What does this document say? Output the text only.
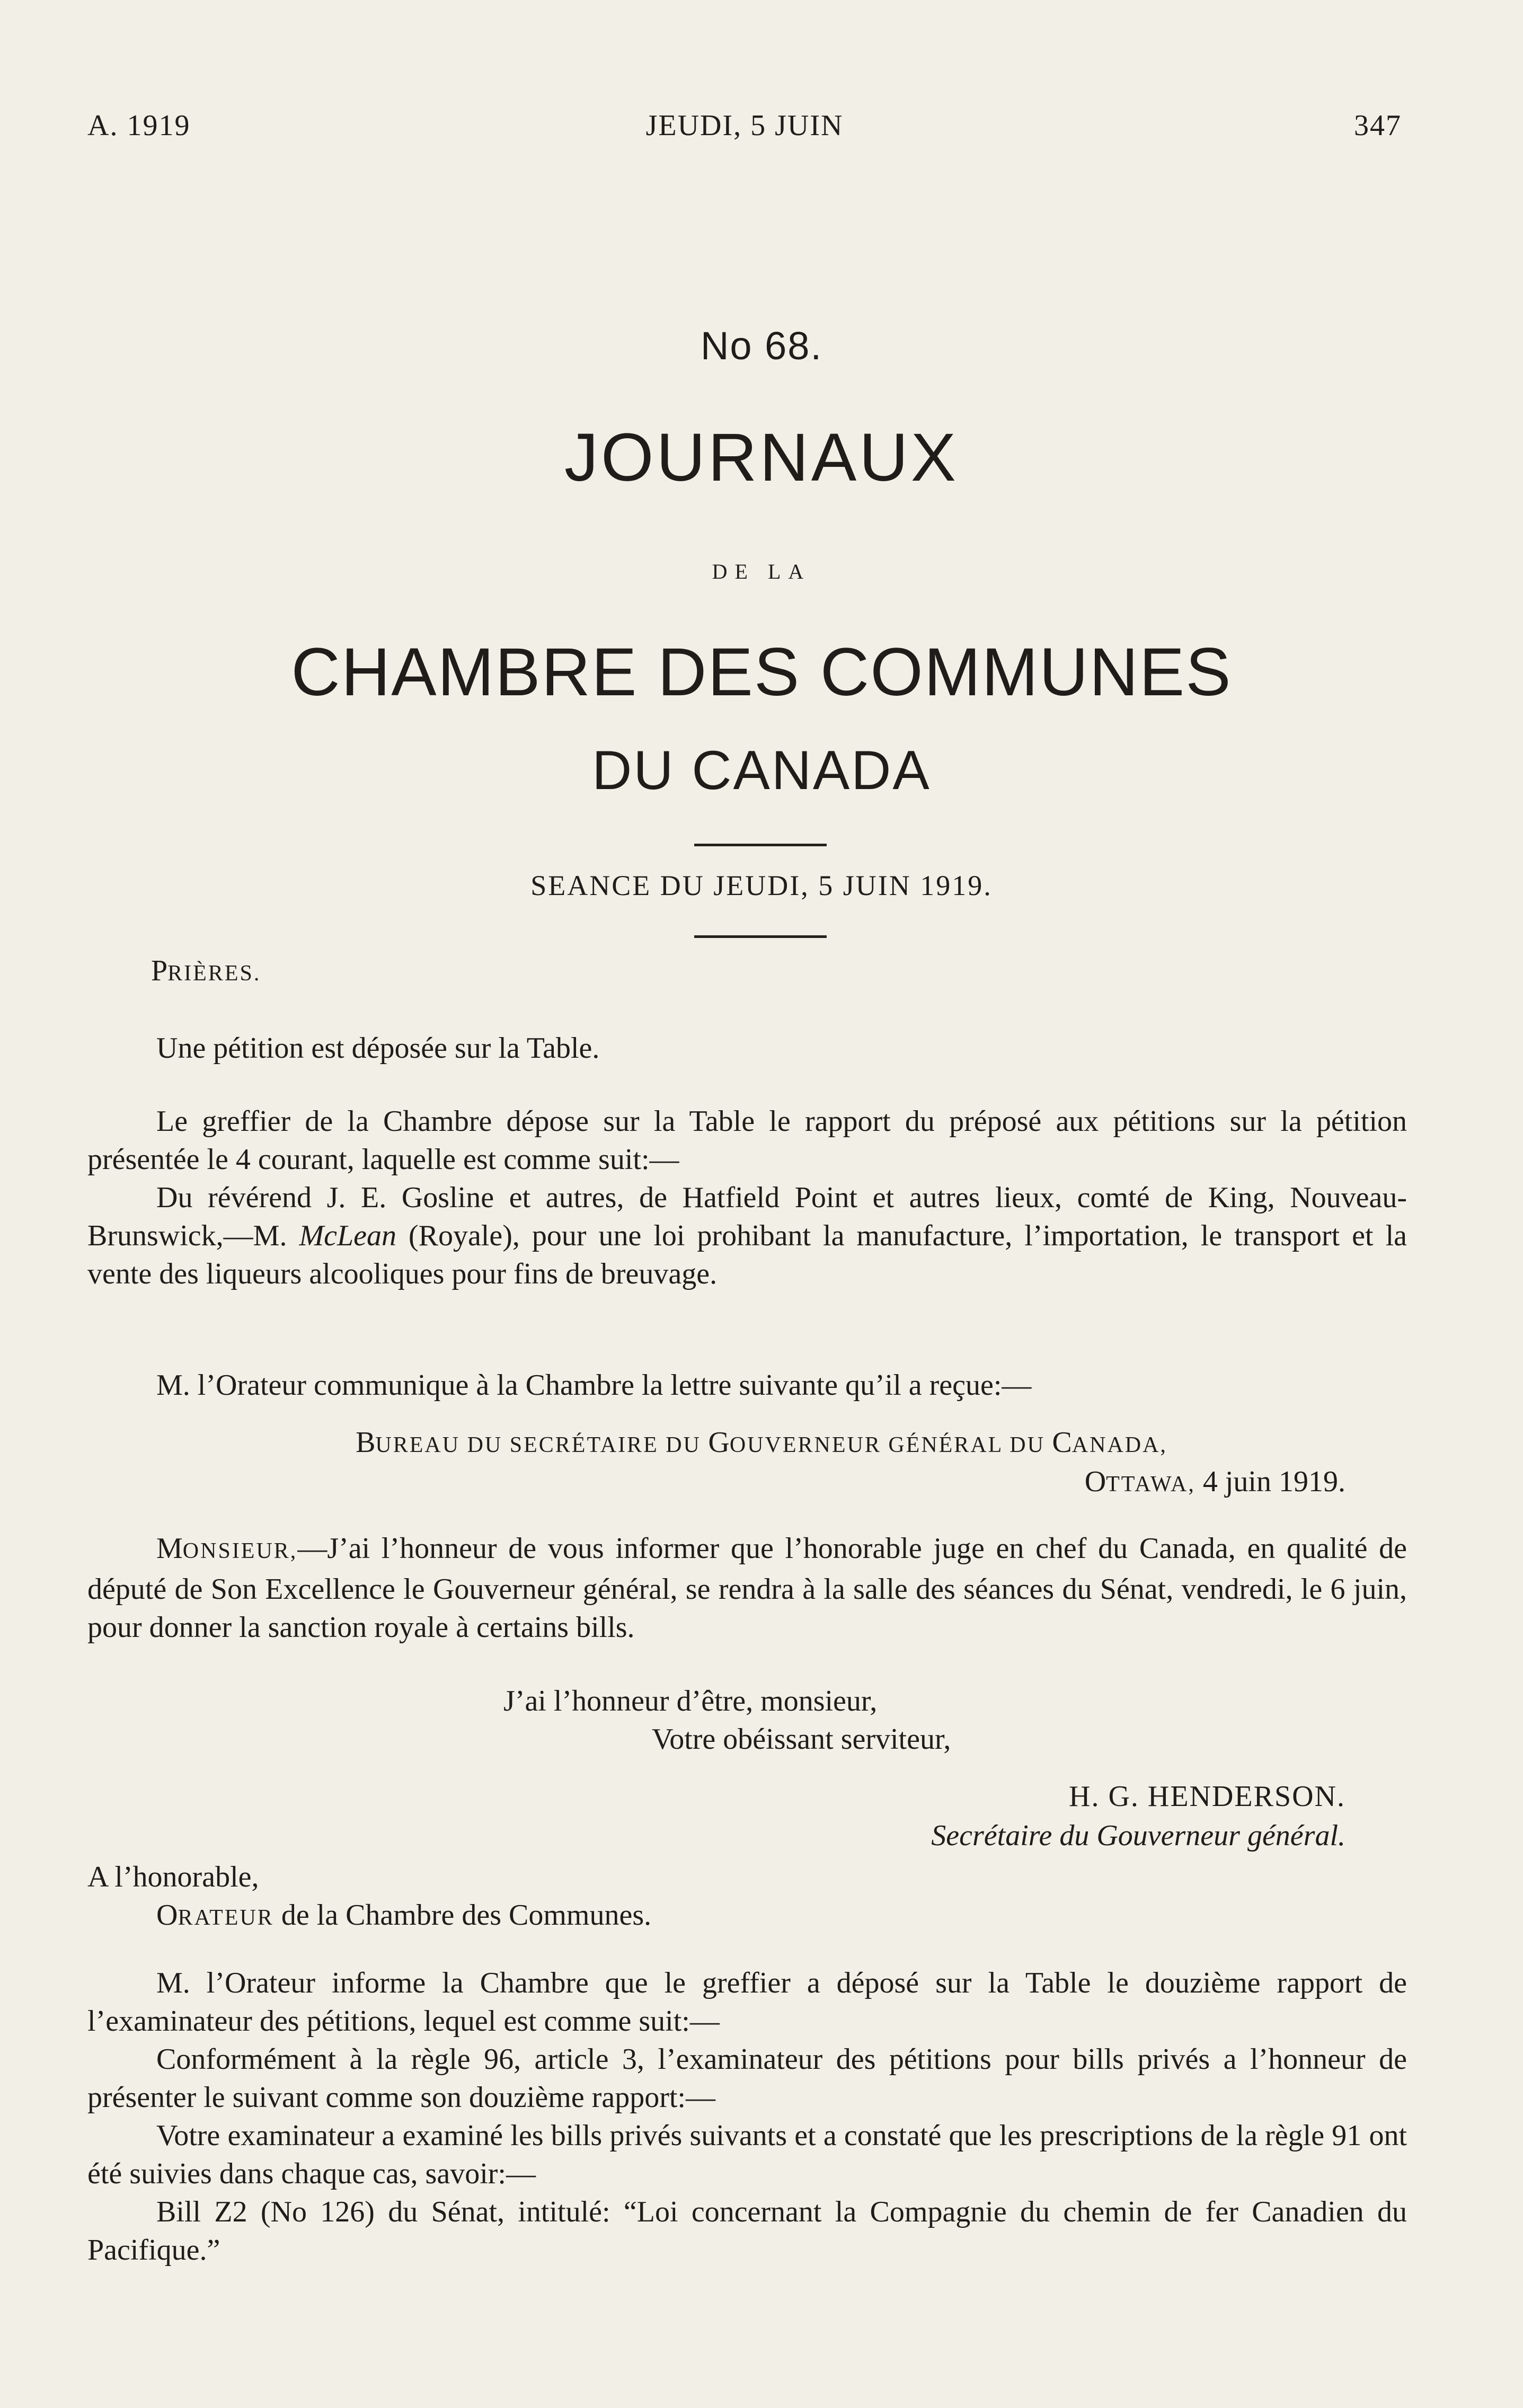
A. 1919	JEUDI, 5 JUIN	347
No 68.
JOURNAUX
DE LA
CHAMBRE DES COMMUNES
DU CANADA
SEANCE DU JEUDI, 5 JUIN 1919.
PRIÈRES.

Une pétition est déposée sur la Table.

Le greffier de la Chambre dépose sur la Table le rapport du préposé aux pétitions sur la pétition présentée le 4 courant, laquelle est comme suit:—

Du révérend J. E. Gosline et autres, de Hatfield Point et autres lieux, comté de King, Nouveau-Brunswick,—M. McLean (Royale), pour une loi prohibant la manufacture, l’importation, le transport et la vente des liqueurs alcooliques pour fins de breuvage.

M. l’Orateur communique à la Chambre la lettre suivante qu’il a reçue:—

BUREAU DU SECRÉTAIRE DU GOUVERNEUR GÉNÉRAL DU CANADA,
OTTAWA, 4 juin 1919.

MONSIEUR,—J’ai l’honneur de vous informer que l’honorable juge en chef du Canada, en qualité de député de Son Excellence le Gouverneur général, se rendra à la salle des séances du Sénat, vendredi, le 6 juin, pour donner la sanction royale à certains bills.

J’ai l’honneur d’être, monsieur,
Votre obéissant serviteur,
H. G. HENDERSON.
Secrétaire du Gouverneur général.
A l’honorable,
ORATEUR de la Chambre des Communes.

M. l’Orateur informe la Chambre que le greffier a déposé sur la Table le douzième rapport de l’examinateur des pétitions, lequel est comme suit:—

Conformément à la règle 96, article 3, l’examinateur des pétitions pour bills privés a l’honneur de présenter le suivant comme son douzième rapport:—

Votre examinateur a examiné les bills privés suivants et a constaté que les prescriptions de la règle 91 ont été suivies dans chaque cas, savoir:—

Bill Z2 (No 126) du Sénat, intitulé: “Loi concernant la Compagnie du chemin de fer Canadien du Pacifique.”
